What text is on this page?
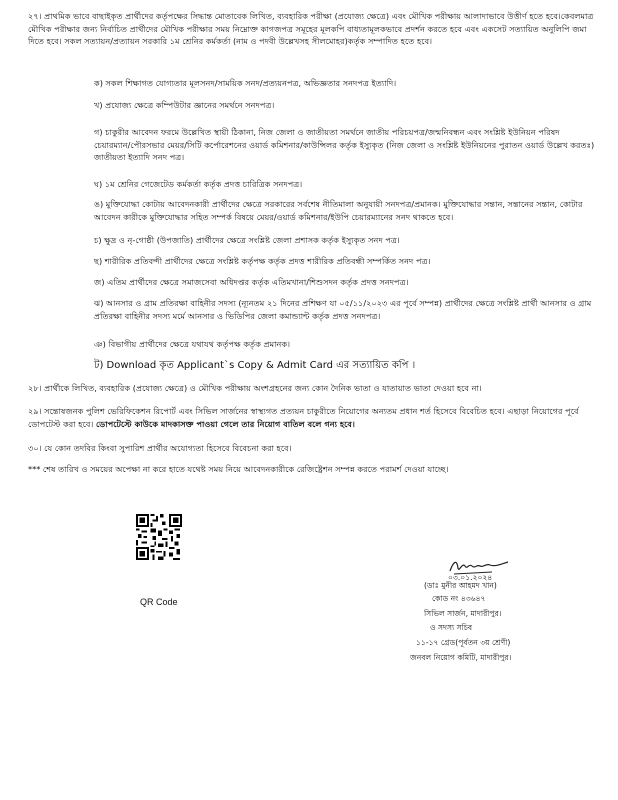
২৭। প্রাথমিক ভাবে বাছাইকৃত প্রার্থীদের কর্তৃপক্ষের সিদ্ধান্ত মোতাবেক লিখিত, ব্যবহারিক পরীক্ষা (প্রযোজ্য ক্ষেত্রে) এবং মৌখিক পরীক্ষায় আলাদাভাবে উত্তীর্ণ হতে হবে।কেবলমাত্র মৌখিক পরীক্ষার জন্য নির্বাচিত প্রার্থীদের মৌখিক পরীক্ষার সময় নিম্নোক্ত কাগজপত্র সমূহের মূলকপি বাধ্যতামূলকভাবে প্রদর্শন করতে হবে এবং একসেট সত্যায়িত অনুলিপি জমা দিতে হবে। সকল সত্যায়ন/প্রত্যায়ন সরকারি ১ম শ্রেনির কর্মকর্তা (নাম ও পদবী উল্লেখসহ সীলমোহর)কর্তৃক সম্পাদিত হতে হবে।
ক) সকল শিক্ষাগত যোগ্যতার মূলসনদ/সাময়িক সনদ/প্রত্যয়নপত্র, অভিজ্ঞতার সনদপত্র ইত্যাদি।
খ) প্রযোজ্য ক্ষেত্রে কম্পিউটার জ্ঞানের সমর্থনে সনদপত্র।
গ) চাকুরীর আবেদন ফরমে উল্লেখিত স্থায়ী ঠিকানা, নিজ জেলা ও জাতীয়তা সমর্থনে জাতীয় পরিচয়পত্র/জন্মনিবন্ধন এবং সংশ্লিষ্ট ইউনিয়ন পরিষদ চেয়ারম্যান/পৌরসভার মেয়র/সিটি কর্পোরেশনের ওয়ার্ড কমিশনার/কাউন্সিলর কর্তৃক ইস্যুকৃত (নিজ জেলা ও সংশ্লিষ্ট ইউনিয়নের পুরাতন ওয়ার্ড উল্লেখ করতঃ) জাতীয়তা ইত্যাদি সনদ পত্র।
ঘ) ১ম শ্রেনির গেজেটেড কর্মকর্তা কর্তৃক প্রদত্ত চারিত্রিক সনদপত্র।
ঙ) মুক্তিযোদ্ধা কোটায় আবেদনকারী প্রার্থীদের ক্ষেত্রে সরকারের সর্বশেষ নীতিমালা অনুযায়ী সনদপত্র/প্রমানক। মুক্তিযোদ্ধার সন্তান, সন্তানের সন্তান, কোটার আবেদন কারীকে মুক্তিযোদ্ধার সহিত সম্পর্ক বিষয়ে মেয়র/ওয়ার্ড কমিশনার/ইউপি চেয়ারম্যানের সনদ থাকতে হবে।
চ) ক্ষুদ্র ও নৃ-গোষ্ঠী (উপজাতি) প্রার্থীদের ক্ষেত্রে সংশ্লিষ্ট জেলা প্রশাসক কর্তৃক ইস্যুকৃত সনদ পত্র।
ছ) শারীরিক প্রতিবন্দী প্রার্থীদের ক্ষেত্রে সংশ্লিষ্ট কর্তৃপক্ষ কর্তৃক প্রদত্ত শারীরিক প্রতিবন্ধী সম্পর্কিত সনদ পত্র।
জ) এতিম প্রার্থীদের ক্ষেত্রে সমাজসেবা অধিদপ্তর কর্তৃক এতিমখানা/শিশুসদন কর্তৃক প্রদত্ত সনদপত্র।
ঝ) আনসার ও গ্রাম প্রতিরক্ষা বাহিনীর সদস্য (ন্যূনতম ২১ দিনের প্রশিক্ষণ যা ০৫/১১/২০২৩ এর পূর্বে সম্পন্ন) প্রার্থীদের ক্ষেত্রে সংশ্লিষ্ট প্রার্থী আনসার ও গ্রাম প্রতিরক্ষা বাহিনীর সদস্য মর্মে আনসার ও ভিডিপির জেলা কমান্ড্যান্ট কর্তৃক প্রদত্ত সনদপত্র।
ঞ) বিভাগীয় প্রার্থীদের ক্ষেত্রে যথাযথ কর্তৃপক্ষ কর্তৃক প্রমানক।
ট) Download কৃত Applicant`s Copy & Admit Card এর সত্যায়িত কপি ।
২৮। প্রার্থীকে লিখিত, ব্যবহারিক (প্রযোজ্য ক্ষেত্রে) ও মৌখিক পরীক্ষায় অংশগ্রহনের জন্য কোন দৈনিক ভাতা ও যাতায়াত ভাতা দেওয়া হবে না।
২৯। সন্তোষজনক পুলিশ ভেরিফিকেশন রিপোর্ট এবং সিভিল সার্জনের স্বাস্থ্যগত প্রত্যয়ন চাকুরীতে নিয়োগের অন্যতম প্রধান শর্ত হিসেবে বিবেচিত হবে। এছাড়া নিয়োগের পূর্বে ডোপটেস্ট করা হবে। ডোপটেস্টে কাউকে মাদকাসক্ত পাওয়া গেলে তার নিয়োগ বাতিল বলে গন্য হবে।
৩০। যে কোন তদবির কিংবা সুপারিশ প্রার্থীর অযোগ্যতা হিসেবে বিবেচনা করা হবে।
*** শেষ তারিখ ও সময়ের অপেক্ষা না করে হাতে যথেষ্ট সময় নিয়ে আবেদনকারীকে রেজিষ্ট্রেশন সম্পন্ন করতে পরামর্শ দেওয়া যাচ্ছে।
QR Code
০৩.০১.২০২৪
(ডাঃ মুনীর আহমদ খান)
কোড নং ৪৩৬৪৭
সিভিল সার্জন, মাদারীপুর।
ও সদস্য সচিব
১১-১৭ গ্রেড(পূর্বতন ৩য় শ্রেণী)
জনবল নিয়োগ কমিটি, মাদারীপুর।
